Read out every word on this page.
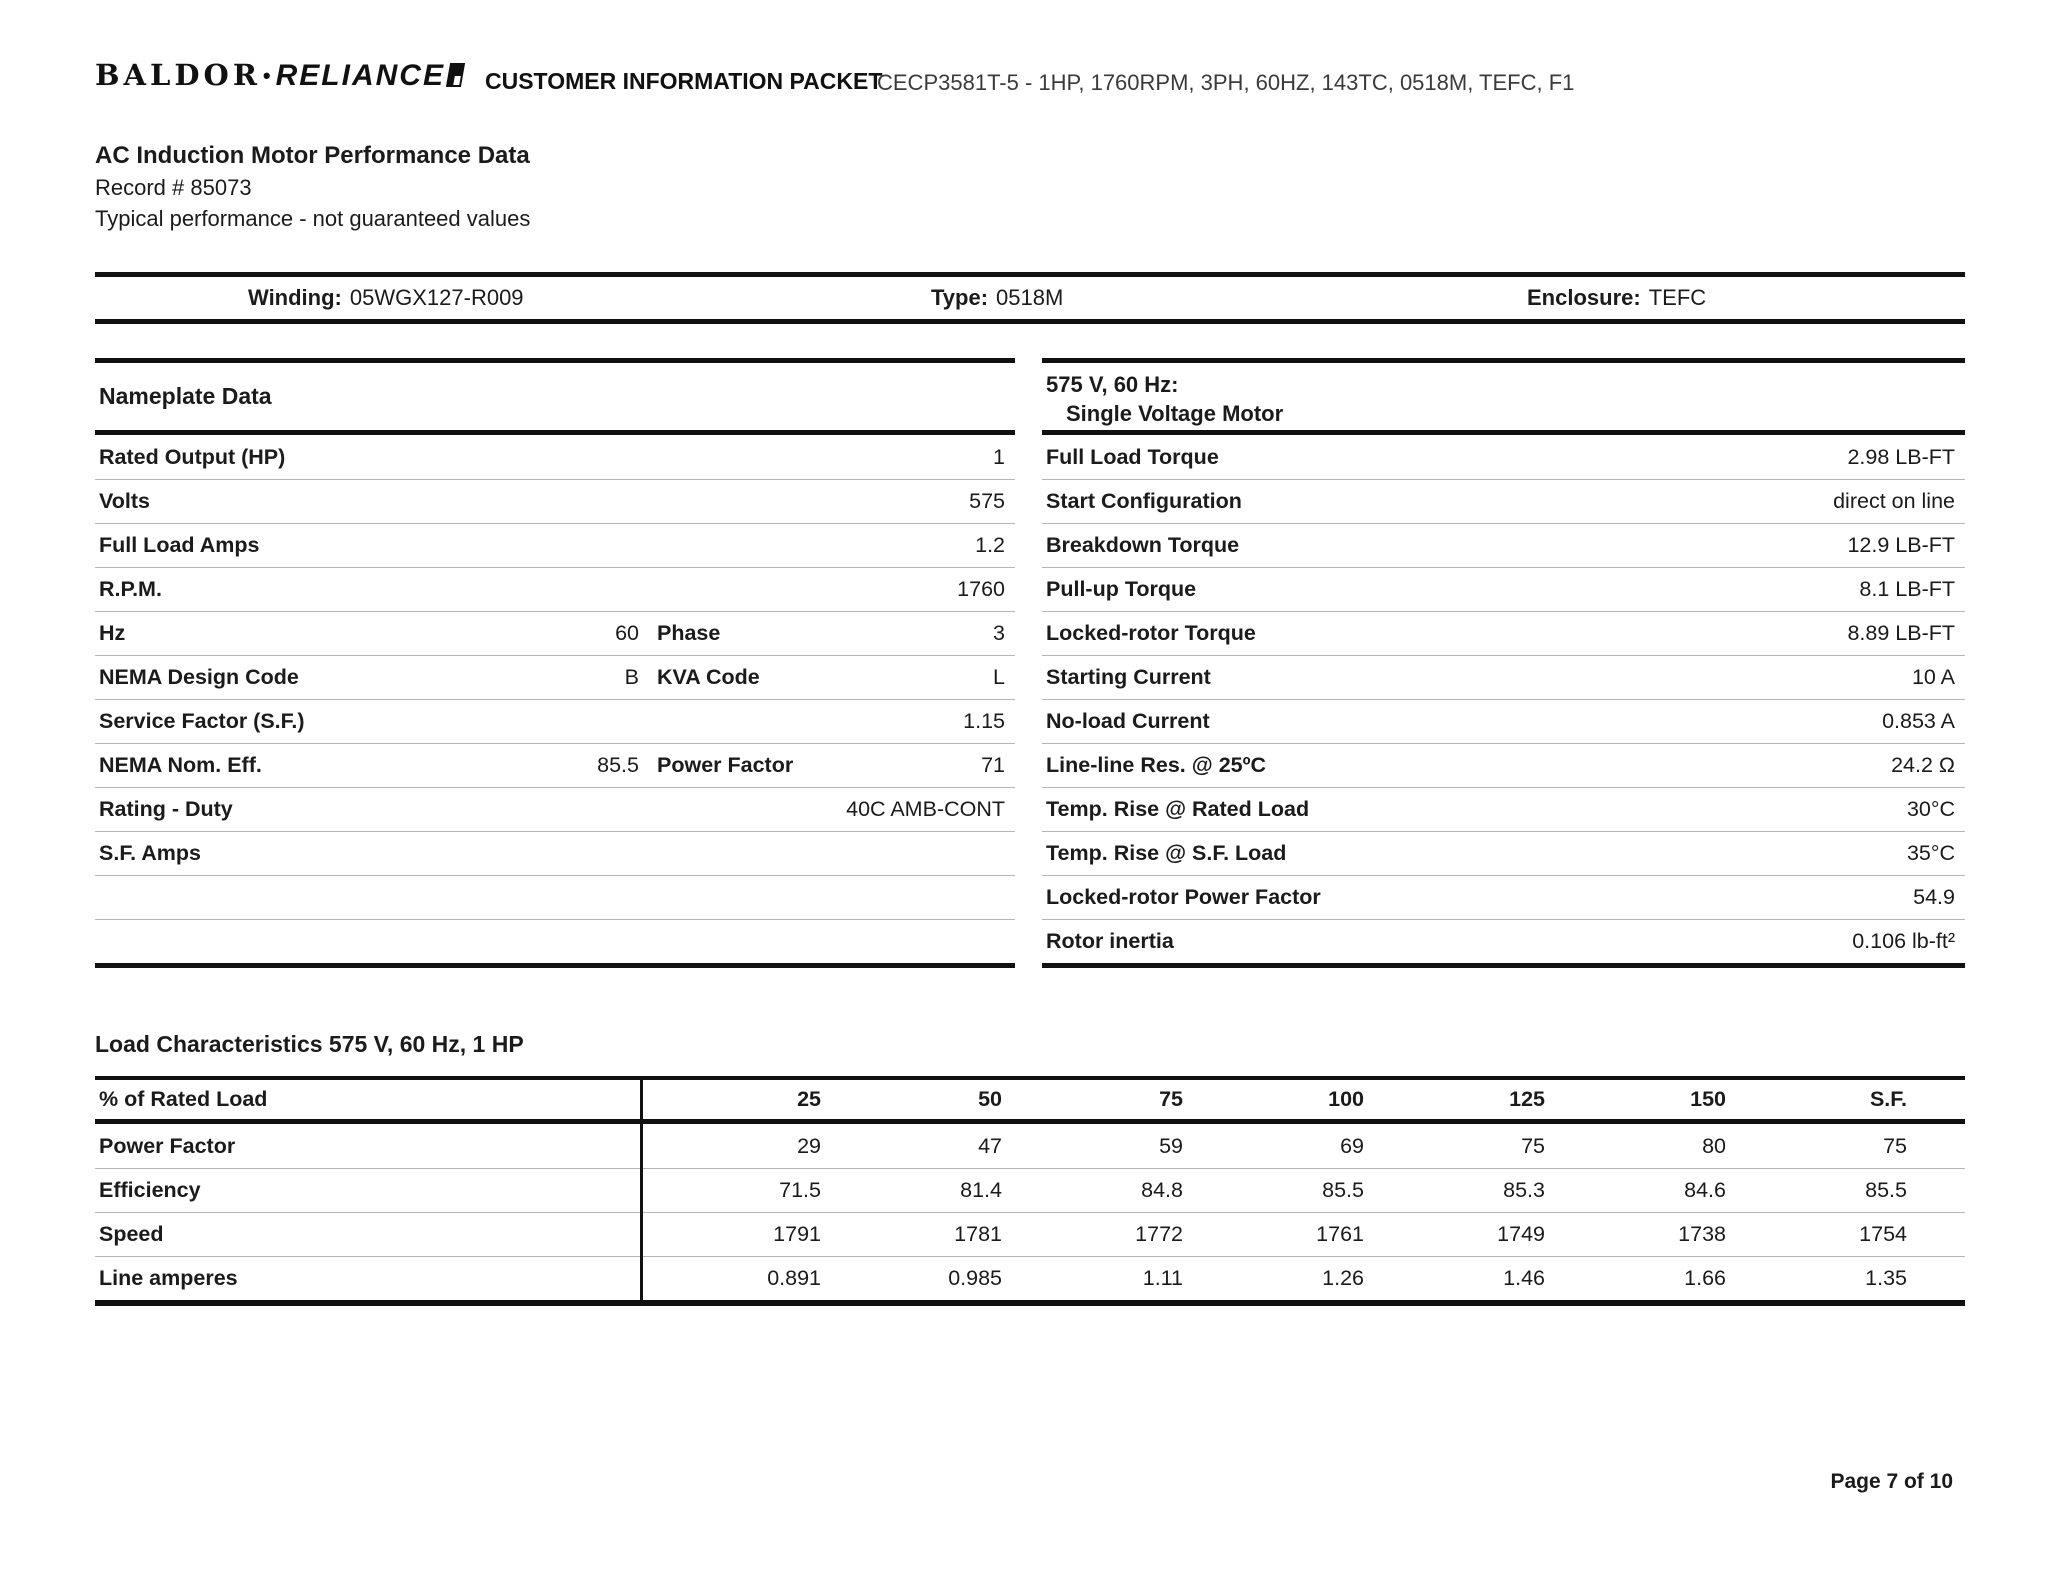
BALDOR• RELIANCE	CUSTOMER INFORMATION PACKET
CECP3581T-5 - 1HP, 1760RPM, 3PH, 60HZ, 143TC, 0518M, TEFC, F1
AC Induction Motor Performance Data
Record # 85073
Typical performance - not guaranteed values
Winding: 05WGX127-R009	Type: 0518M	Enclosure: TEFC
Nameplate Data
Rated Output (HP)	1
Volts	575
Full Load Amps	1.2
R.P.M.	1760
Hz	60 Phase	3
NEMA Design Code	B KVA Code	L
Service Factor (S.F.)	1.15
NEMA Nom. Eff.	85.5 Power Factor	71
Rating - Duty	40C AMB-CONT
S.F. Amps
575 V, 60 Hz:
Single Voltage Motor
Full Load Torque	2.98 LB-FT
Start Configuration	direct on line
Breakdown Torque	12.9 LB-FT
Pull-up Torque	8.1 LB-FT
Locked-rotor Torque	8.89 LB-FT
Starting Current	10 A
No-load Current	0.853 A
Line-line Res. @ 25ºC	24.2 Ω
Temp. Rise @ Rated Load	30°C
Temp. Rise @ S.F. Load	35°C
Locked-rotor Power Factor	54.9
Rotor inertia	0.106 lb-ft²
Load Characteristics 575 V, 60 Hz, 1 HP
% of Rated Load	25	50	75	100	125	150	S.F.
Power Factor	29	47	59	69	75	80	75
Efficiency	71.5	81.4	84.8	85.5	85.3	84.6	85.5
Speed	1791	1781	1772	1761	1749	1738	1754
Line amperes	0.891	0.985	1.11	1.26	1.46	1.66	1.35
Page 7 of 10
